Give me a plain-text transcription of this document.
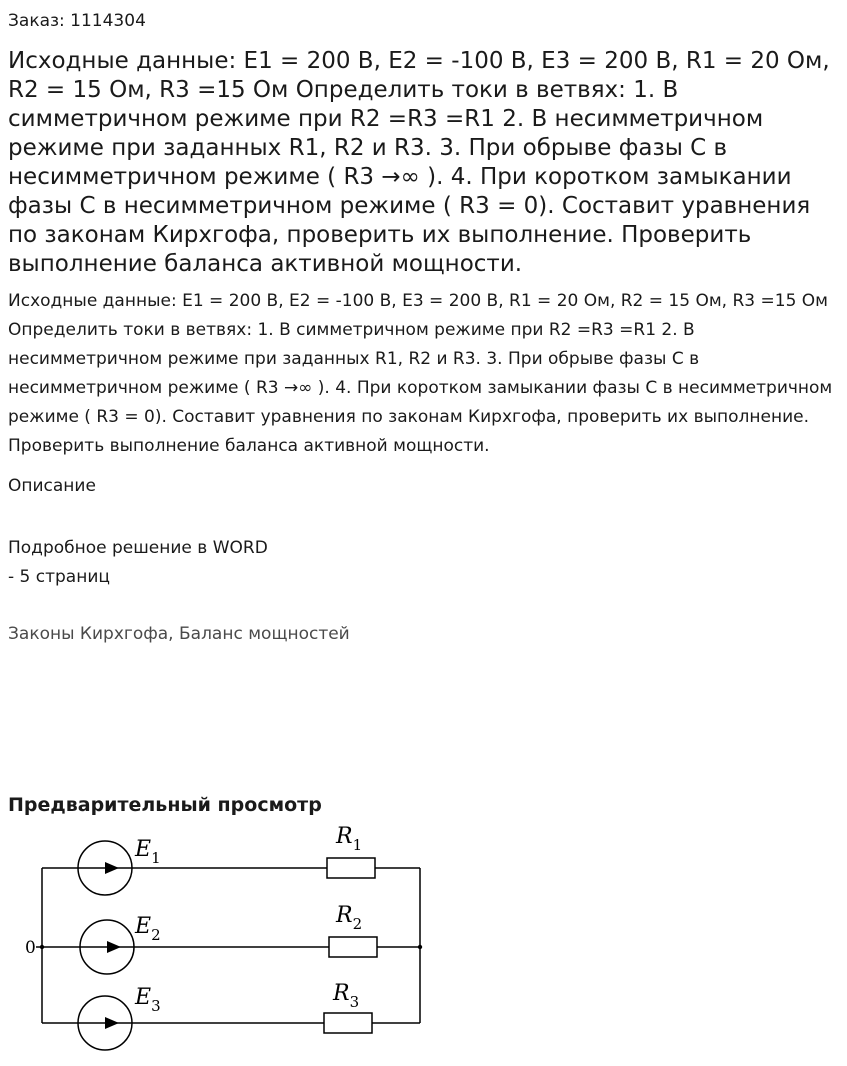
Заказ: 1114304
Исходные данные: E1 = 200 В, E2 = -100 В, E3 = 200 В, R1 = 20 Ом, R2 = 15 Ом, R3 =15 Ом Определить токи в ветвях: 1. В симметричном режиме при R2 =R3 =R1 2. В несимметричном режиме при заданных R1, R2 и R3. 3. При обрыве фазы С в несимметричном режиме ( R3 →∞ ). 4. При коротком замыкании фазы С в несимметричном режиме ( R3 = 0). Составит уравнения по законам Кирхгофа, проверить их выполнение. Проверить выполнение баланса активной мощности.

Исходные данные: E1 = 200 В, E2 = -100 В, E3 = 200 В, R1 = 20 Ом, R2 = 15 Ом, R3 =15 Ом Определить токи в ветвях: 1. В симметричном режиме при R2 =R3 =R1 2. В несимметричном режиме при заданных R1, R2 и R3. 3. При обрыве фазы С в несимметричном режиме ( R3 →∞ ). 4. При коротком замыкании фазы С в несимметричном режиме ( R3 = 0). Составит уравнения по законам Кирхгофа, проверить их выполнение. Проверить выполнение баланса активной мощности.

Описание
Подробное решение в WORD
- 5 страниц
Законы Кирхгофа, Баланс мощностей
Предварительный просмотр
0
$E_1$
$E_2$
$E_3$
$R_1$
$R_2$
$R_3$
